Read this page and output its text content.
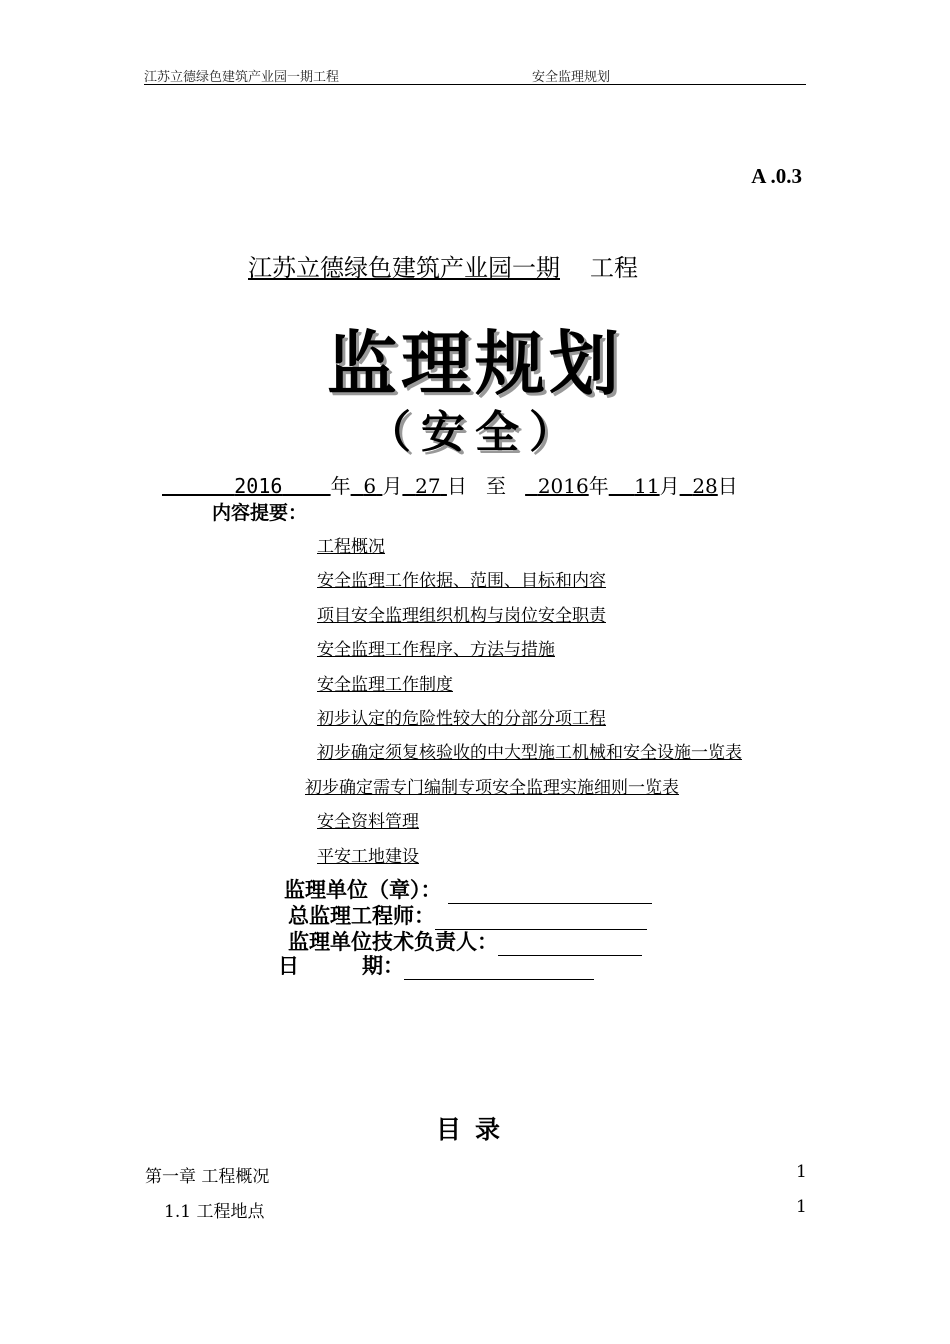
江苏立德绿色建筑产业园一期工程	安全监理规划
A .0.3
江苏立德绿色建筑产业园一期 工程
监理规划
（安全）
2016 年 6 月 27 日 至 2016年 11月 28日
内容提要：
工程概况
安全监理工作依据、范围、目标和内容
项目安全监理组织机构与岗位安全职责
安全监理工作程序、方法与措施
安全监理工作制度
初步认定的危险性较大的分部分项工程
初步确定须复核验收的中大型施工机械和安全设施一览表
初步确定需专门编制专项安全监理实施细则一览表
安全资料管理
平安工地建设
监理单位（章）：
总监理工程师：
监理单位技术负责人：
日　　　期：
目录
第一章 工程概况	1
1.1 工程地点	1
